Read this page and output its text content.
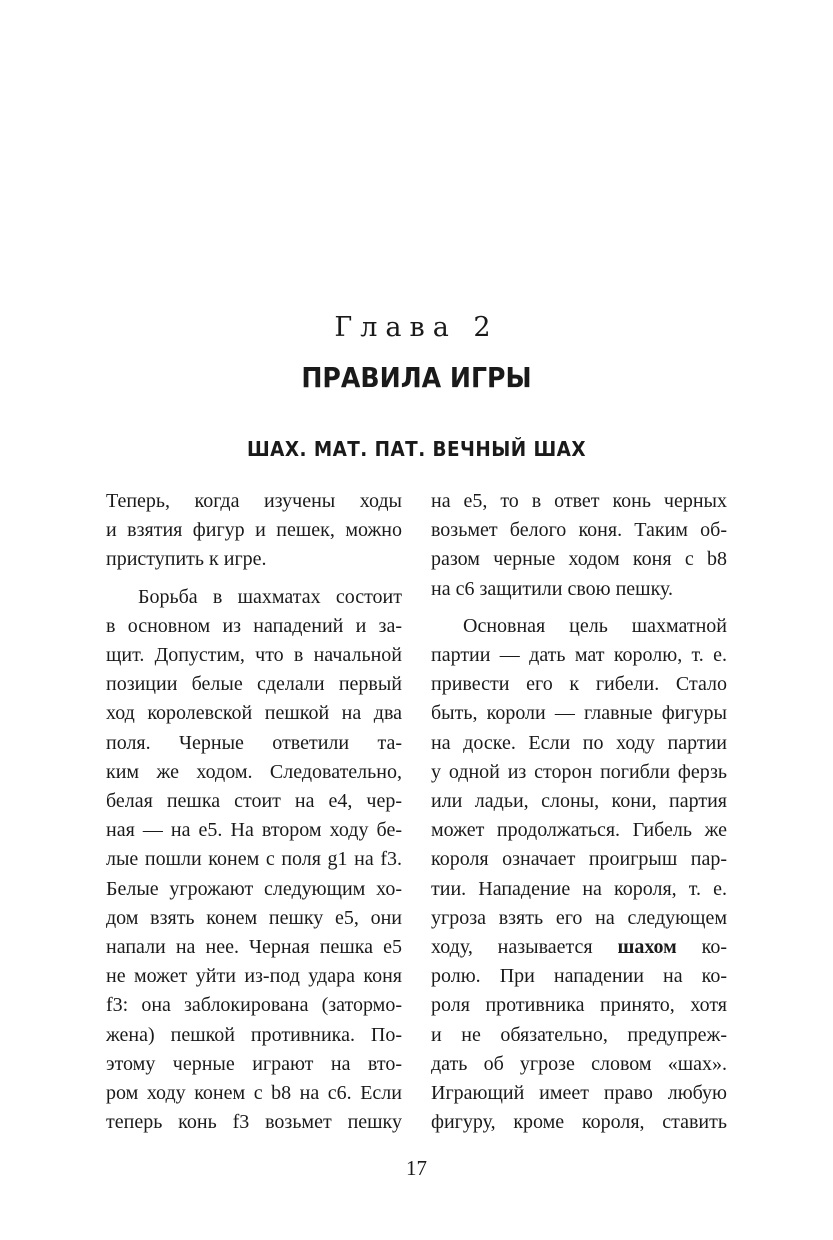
Глава 2
ПРАВИЛА ИГРЫ
ШАХ. МАТ. ПАТ. ВЕЧНЫЙ ШАХ
Теперь, когда изучены ходы
и взятия фигур и пешек, можно
приступить к игре.
Борьба в шахматах состоит
в основном из нападений и за-
щит. Допустим, что в начальной
позиции белые сделали первый
ход королевской пешкой на два
поля. Черные ответили та-
ким же ходом. Следовательно,
белая пешка стоит на е4, чер-
ная — на е5. На втором ходу бе-
лые пошли конем с поля g1 на f3.
Белые угрожают следующим хо-
дом взять конем пешку е5, они
напали на нее. Черная пешка е5
не может уйти из-под удара коня
f3: она заблокирована (затормо-
жена) пешкой противника. По-
этому черные играют на вто-
ром ходу конем с b8 на с6. Если
теперь конь f3 возьмет пешку
на е5, то в ответ конь черных
возьмет белого коня. Таким об-
разом черные ходом коня с b8
на с6 защитили свою пешку.
Основная цель шахматной
партии — дать мат королю, т. е.
привести его к гибели. Стало
быть, короли — главные фигуры
на доске. Если по ходу партии
у одной из сторон погибли ферзь
или ладьи, слоны, кони, партия
может продолжаться. Гибель же
короля означает проигрыш пар-
тии. Нападение на короля, т. е.
угроза взять его на следующем
ходу, называется шахом ко-
ролю. При нападении на ко-
роля противника принято, хотя
и не обязательно, предупреж-
дать об угрозе словом «шах».
Играющий имеет право любую
фигуру, кроме короля, ставить
17
